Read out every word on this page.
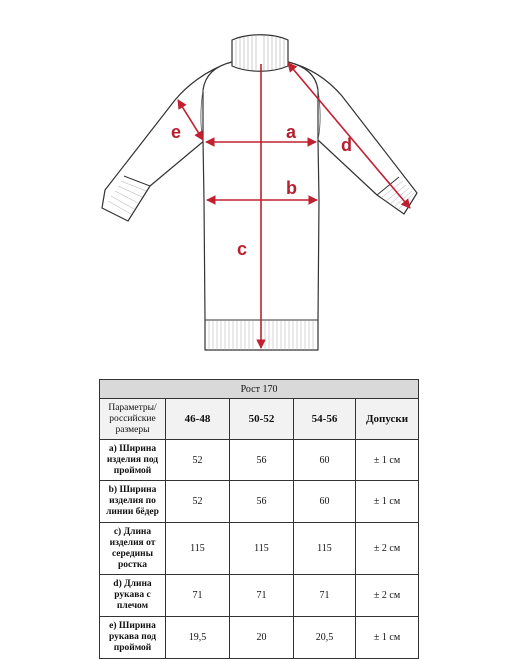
a
b
c
d
e
Рост 170				
Параметры/ российские размеры	46-48	50-52	54-56	Допуски
a) Ширина изделия под проймой	52	56	60	± 1 см
b) Ширина изделия по линии бёдер	52	56	60	± 1 см
c) Длина изделия от середины ростка	115	115	115	± 2 см
d) Длина рукава с плечом	71	71	71	± 2 см
e) Ширина рукава под проймой	19,5	20	20,5	± 1 см
